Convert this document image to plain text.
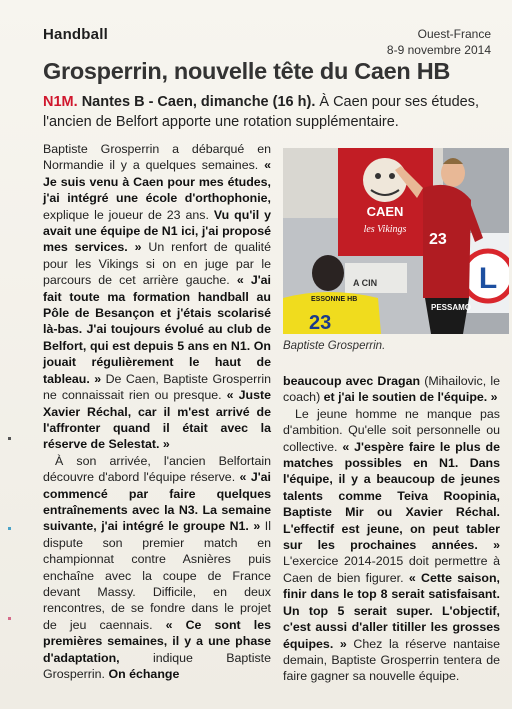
Handball	Ouest-France
8-9 novembre 2014
Grosperrin, nouvelle tête du Caen HB
N1M. Nantes B - Caen, dimanche (16 h). À Caen pour ses études, l'ancien de Belfort apporte une rotation supplémentaire.

Baptiste Grosperrin a débarqué en Normandie il y a quelques semaines. « Je suis venu à Caen pour mes études, j'ai intégré une école d'orthophonie, explique le joueur de 23 ans. Vu qu'il y avait une équipe de N1 ici, j'ai proposé mes services. » Un renfort de qualité pour les Vikings si on en juge par le parcours de cet arrière gauche. « J'ai fait toute ma formation handball au Pôle de Besançon et j'étais scolarisé là-bas. J'ai toujours évolué au club de Belfort, qui est depuis 5 ans en N1. On jouait régulièrement le haut de tableau. » De Caen, Baptiste Grosperrin ne connaissait rien ou presque. « Juste Xavier Réchal, car il m'est arrivé de l'affronter quand il était avec la réserve de Selestat. »

À son arrivée, l'ancien Belfortain découvre d'abord l'équipe réserve. « J'ai commencé par faire quelques entraînements avec la N3. La semaine suivante, j'ai intégré le groupe N1. » Il dispute son premier match en championnat contre Asnières puis enchaîne avec la coupe de France devant Massy. Difficile, en deux rencontres, de se fondre dans le projet de jeu caennais. « Ce sont les premières semaines, il y a une phase d'adaptation,	indique Baptiste Grosperrin. On échange

CAEN
les Vikings
L
A CIN
23
PESSAMO
ESSONNE HB
23
Baptiste Grosperrin.

beaucoup avec Dragan (Mihailovic, le coach) et j'ai le soutien de l'équipe. »

Le jeune homme ne manque pas d'ambition. Qu'elle soit personnelle ou collective. « J'espère faire le plus de matches possibles en N1. Dans l'équipe, il y a beaucoup de jeunes talents comme Teiva Roopinia, Baptiste Mir ou Xavier Réchal. L'effectif est jeune, on peut tabler sur les prochaines années. » L'exercice 2014-2015 doit permettre à Caen de bien figurer. « Cette saison, finir dans le top 8 serait satisfaisant. Un top 5 serait super. L'objectif, c'est aussi d'aller titiller les grosses équipes. » Chez la réserve nantaise demain, Baptiste Grosperrin tentera de faire gagner sa nouvelle équipe.
